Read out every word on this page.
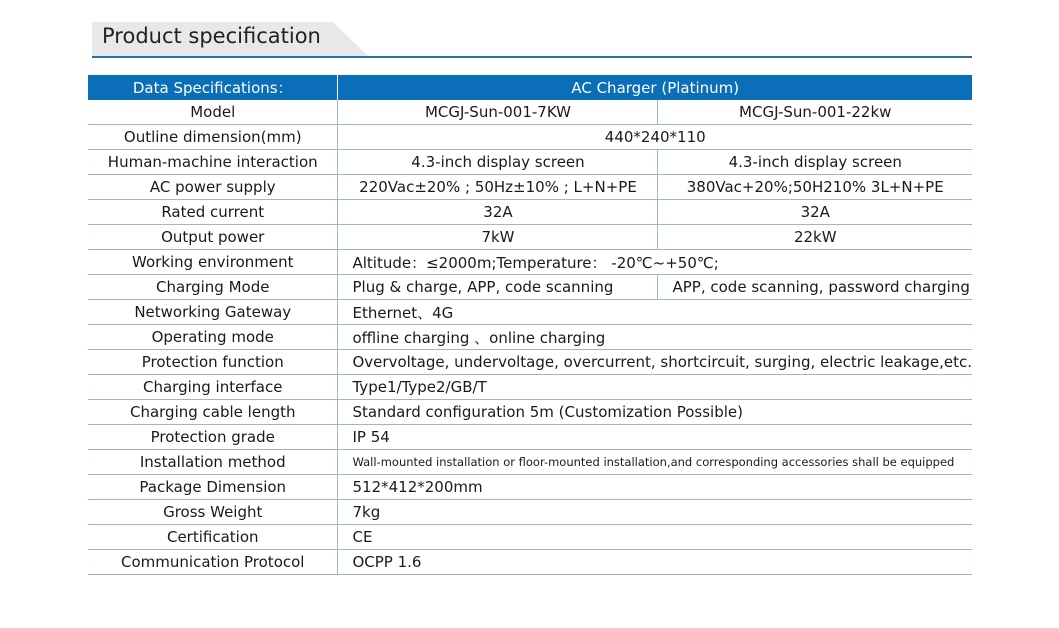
Product specification
Data Specifications：	AC Charger (Platinum)	
Model	MCGJ-Sun-001-7KW	MCGJ-Sun-001-22kw
Outline dimension(mm)	440*240*110	
Human-machine interaction	4.3-inch display screen	4.3-inch display screen
AC power supply	220Vac±20% ; 50Hz±10% ; L+N+PE	380Vac+20%;50H210% 3L+N+PE
Rated current	32A	32A
Output power	7kW	22kW
Working environment	Altitude：≤2000m;Temperature： -20℃~+50℃;	
Charging Mode	Plug & charge, APP, code scanning	APP, code scanning, password charging
Networking Gateway	Ethernet、4G	
Operating mode	offline charging 、online charging	
Protection function	Overvoltage, undervoltage, overcurrent, shortcircuit, surging, electric leakage,etc.	
Charging interface	Type1/Type2/GB/T	
Charging cable length	Standard configuration 5m (Customization Possible)	
Protection grade	IP 54	
Installation method	Wall-mounted installation or floor-mounted installation,and corresponding accessories shall be equipped	
Package Dimension	512*412*200mm	
Gross Weight	7kg	
Certification	CE	
Communication Protocol	OCPP 1.6	
